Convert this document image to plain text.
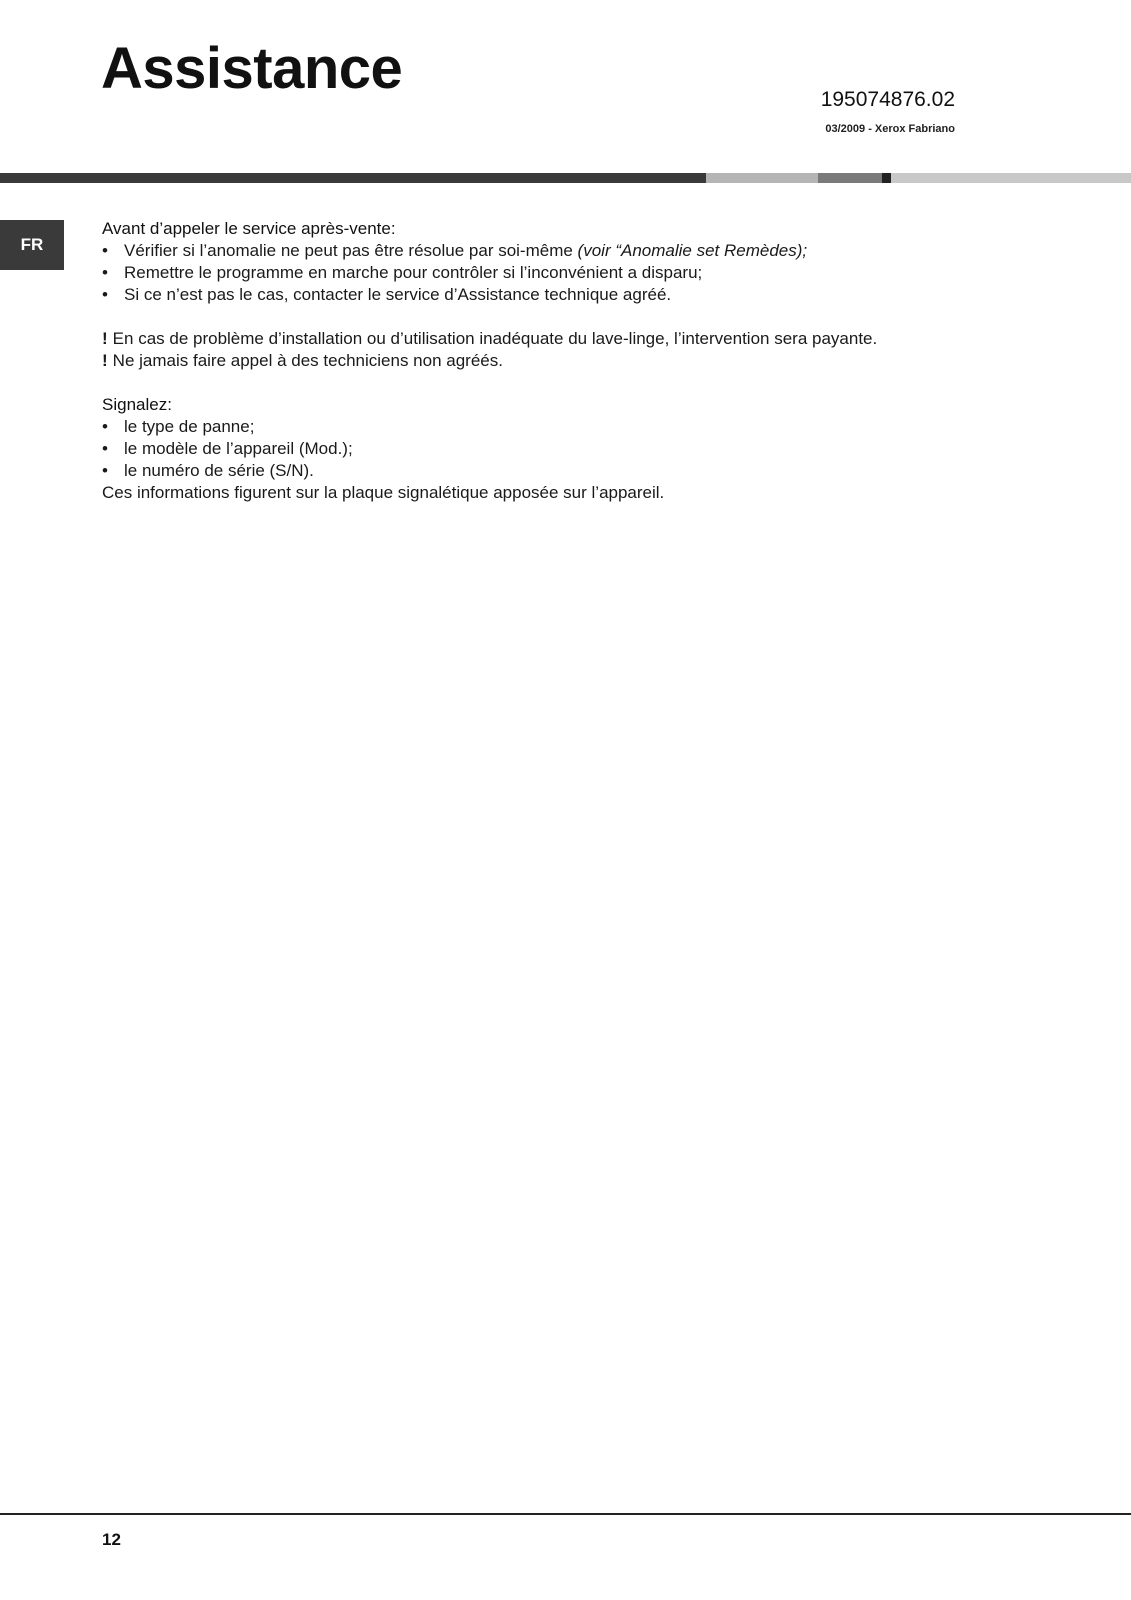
Assistance	195074876.02
03/2009 - Xerox Fabriano
FR
Avant d’appeler le service après-vente:
• Vérifier si l’anomalie ne peut pas être résolue par soi-même (voir “Anomalie set Remèdes);
• Remettre le programme en marche pour contrôler si l’inconvénient a disparu;
• Si ce n’est pas le cas, contacter le service d’Assistance technique agréé.
! En cas de problème d’installation ou d’utilisation inadéquate du lave-linge, l’intervention sera payante.
! Ne jamais faire appel à des techniciens non agréés.
Signalez:
• le type de panne;
• le modèle de l’appareil (Mod.);
• le numéro de série (S/N).
Ces informations figurent sur la plaque signalétique apposée sur l’appareil.
12
